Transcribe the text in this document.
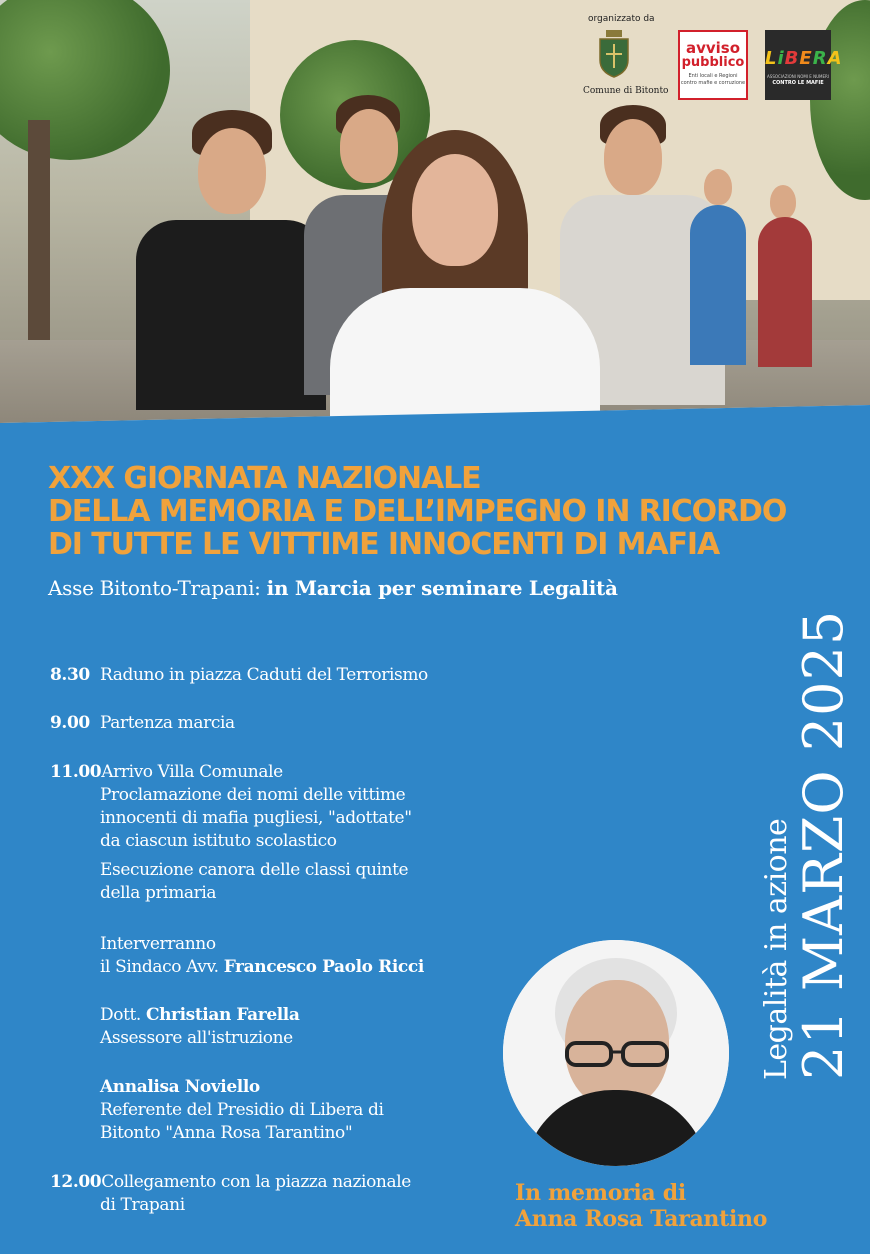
organizzato da
Comune di Bitonto
avviso
pubblico
Enti locali e Regioni contro mafie e corruzione
LiBERA
ASSOCIAZIONI NOMI E NUMERI
CONTRO LE MAFIE
XXX GIORNATA NAZIONALE
DELLA MEMORIA E DELL’IMPEGNO IN RICORDO
DI TUTTE LE VITTIME INNOCENTI DI MAFIA
Asse Bitonto-Trapani: in Marcia per seminare Legalità
8.30 Raduno in piazza Caduti del Terrorismo
9.00 Partenza marcia
11.00Arrivo Villa Comunale
Proclamazione dei nomi delle vittime
innocenti di mafia pugliesi, "adottate"
da ciascun istituto scolastico
Esecuzione canora delle classi quinte
della primaria
Interverranno
il Sindaco Avv. Francesco Paolo Ricci
Dott. Christian Farella
Assessore all'istruzione
Annalisa Noviello
Referente del Presidio di Libera di
Bitonto "Anna Rosa Tarantino"
12.00Collegamento con la piazza nazionale
di Trapani
Legalità in azione
21 MARZO 2025
In memoria di
Anna Rosa Tarantino
